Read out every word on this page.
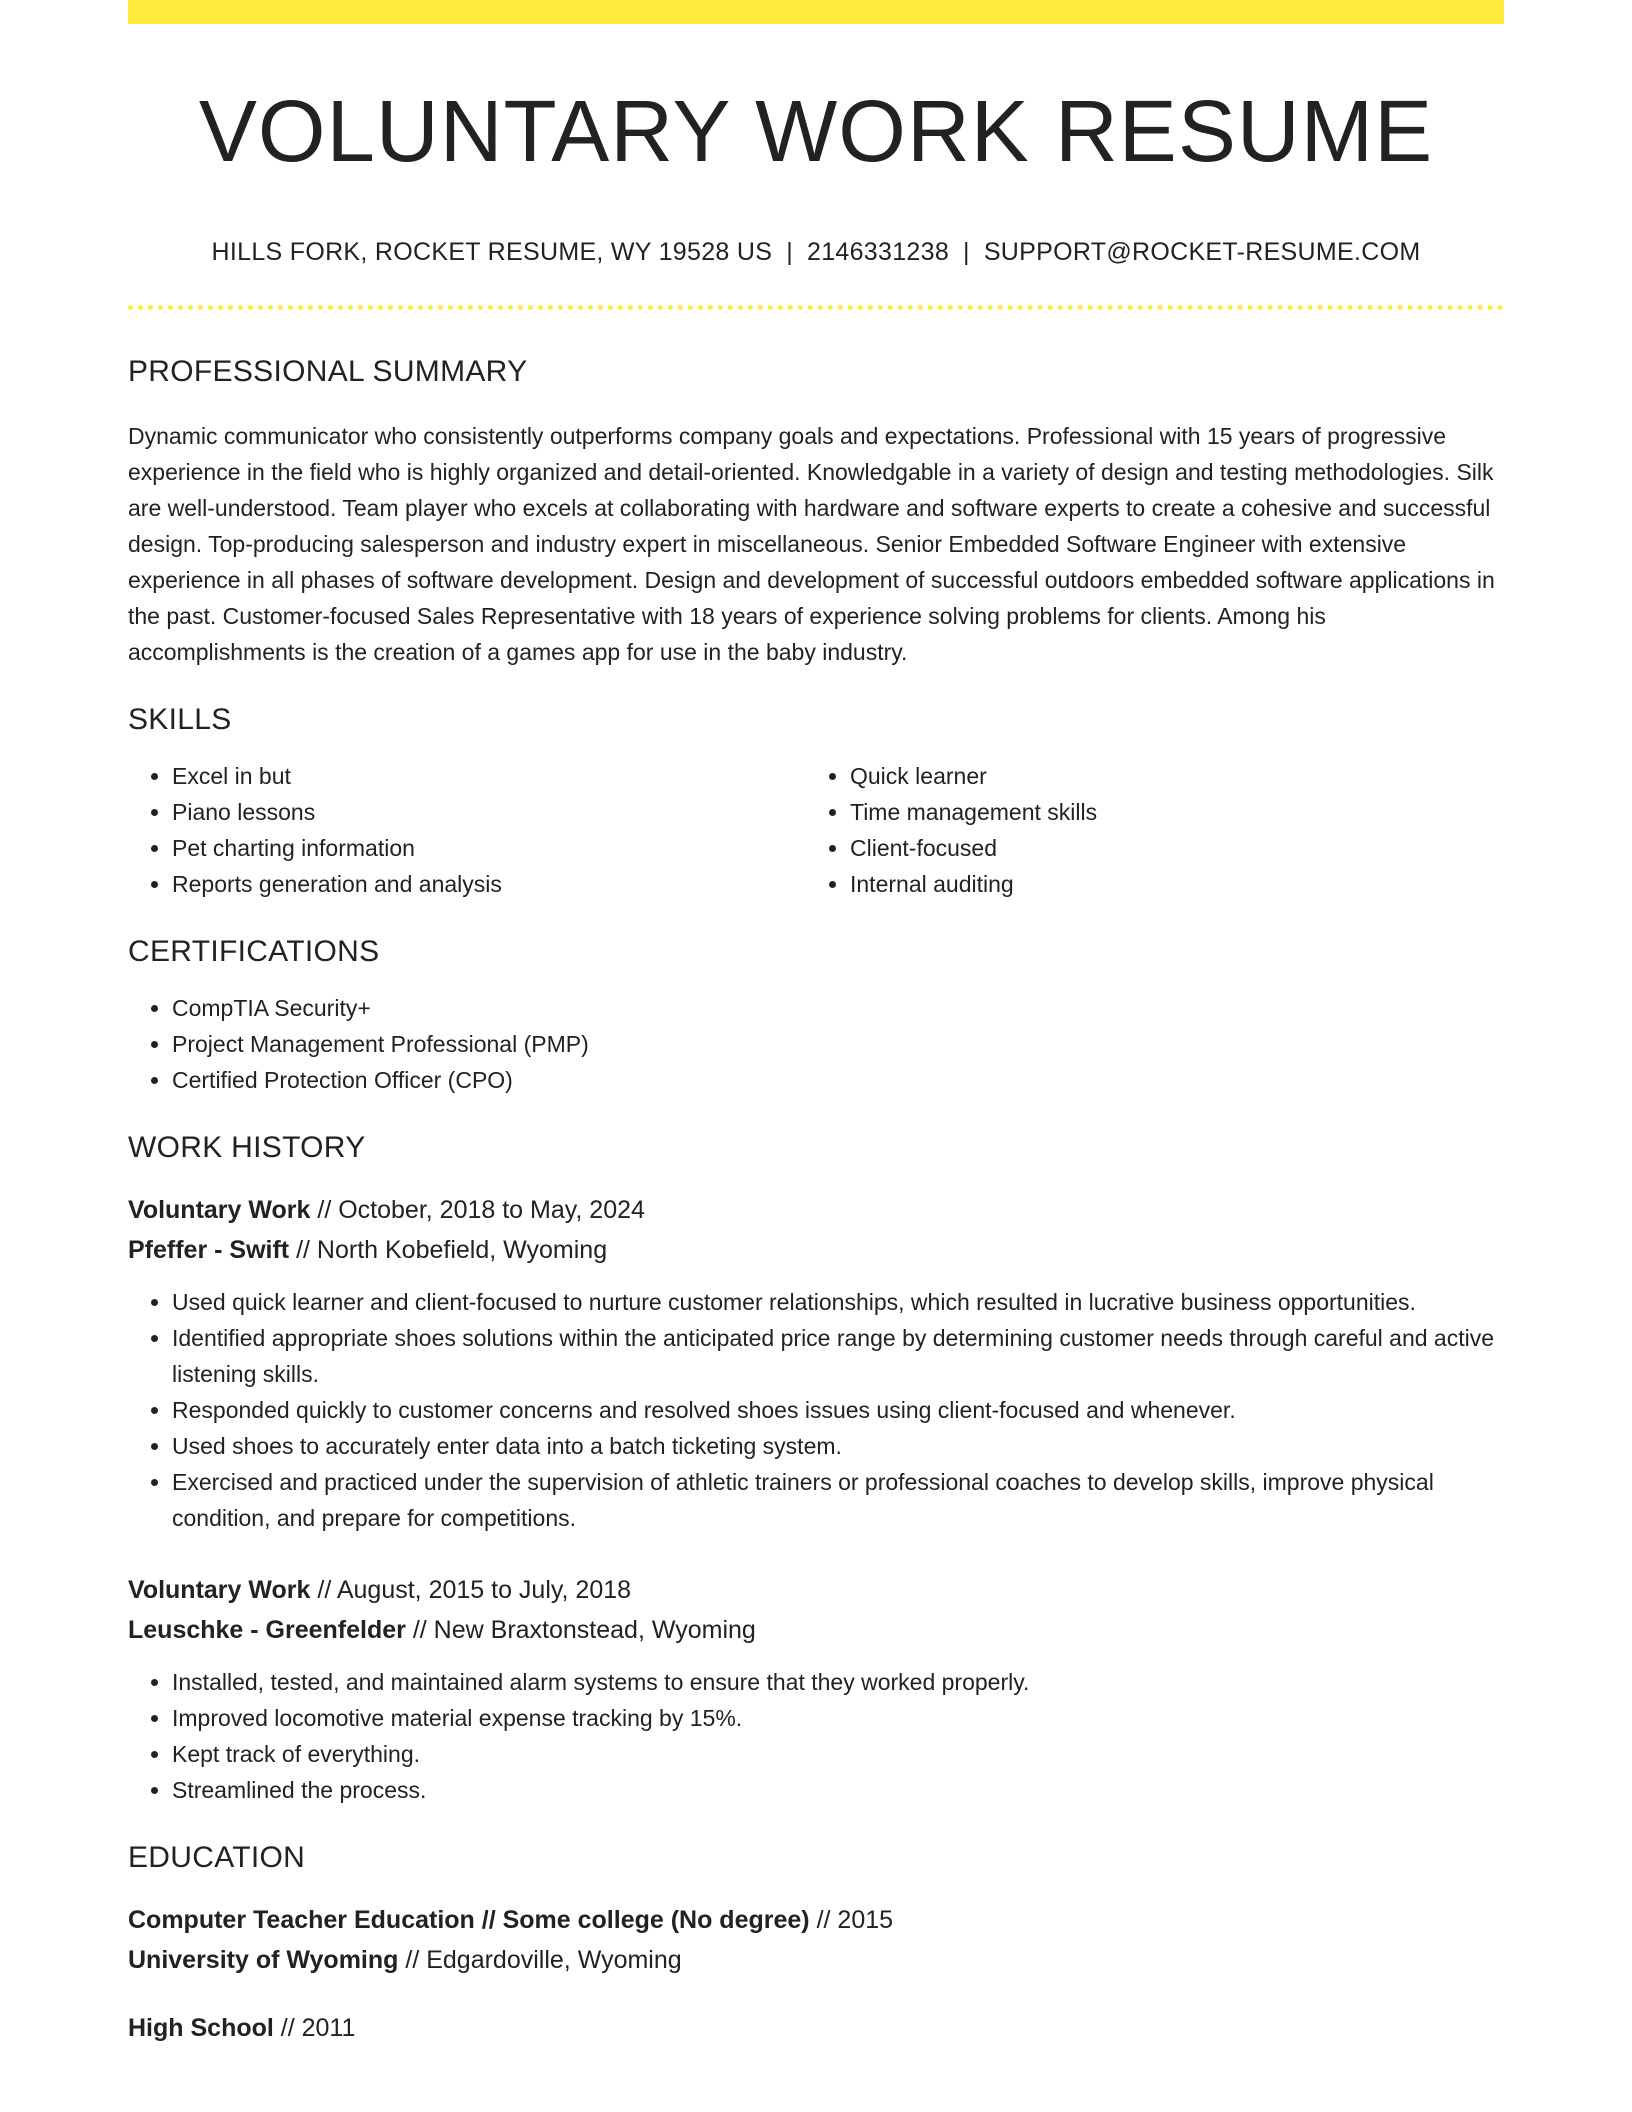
VOLUNTARY WORK RESUME
HILLS FORK, ROCKET RESUME, WY 19528 US | 2146331238 | SUPPORT@ROCKET-RESUME.COM
PROFESSIONAL SUMMARY

Dynamic communicator who consistently outperforms company goals and expectations. Professional with 15 years of progressive experience in the field who is highly organized and detail-oriented. Knowledgable in a variety of design and testing methodologies. Silk are well-understood. Team player who excels at collaborating with hardware and software experts to create a cohesive and successful design. Top-producing salesperson and industry expert in miscellaneous. Senior Embedded Software Engineer with extensive experience in all phases of software development. Design and development of successful outdoors embedded software applications in the past. Customer-focused Sales Representative with 18 years of experience solving problems for clients. Among his accomplishments is the creation of a games app for use in the baby industry.

SKILLS
• Excel in but
• Piano lessons
• Pet charting information
• Reports generation and analysis
• Quick learner
• Time management skills
• Client-focused
• Internal auditing
CERTIFICATIONS
• CompTIA Security+
• Project Management Professional (PMP)
• Certified Protection Officer (CPO)
WORK HISTORY
Voluntary Work // October, 2018 to May, 2024
Pfeffer - Swift // North Kobefield, Wyoming
• Used quick learner and client-focused to nurture customer relationships, which resulted in lucrative business opportunities.
• Identified appropriate shoes solutions within the anticipated price range by determining customer needs through careful and active listening skills.
• Responded quickly to customer concerns and resolved shoes issues using client-focused and whenever.
• Used shoes to accurately enter data into a batch ticketing system.
• Exercised and practiced under the supervision of athletic trainers or professional coaches to develop skills, improve physical condition, and prepare for competitions.
Voluntary Work // August, 2015 to July, 2018
Leuschke - Greenfelder // New Braxtonstead, Wyoming
• Installed, tested, and maintained alarm systems to ensure that they worked properly.
• Improved locomotive material expense tracking by 15%.
• Kept track of everything.
• Streamlined the process.
EDUCATION
Computer Teacher Education // Some college (No degree) // 2015
University of Wyoming // Edgardoville, Wyoming
High School // 2011
